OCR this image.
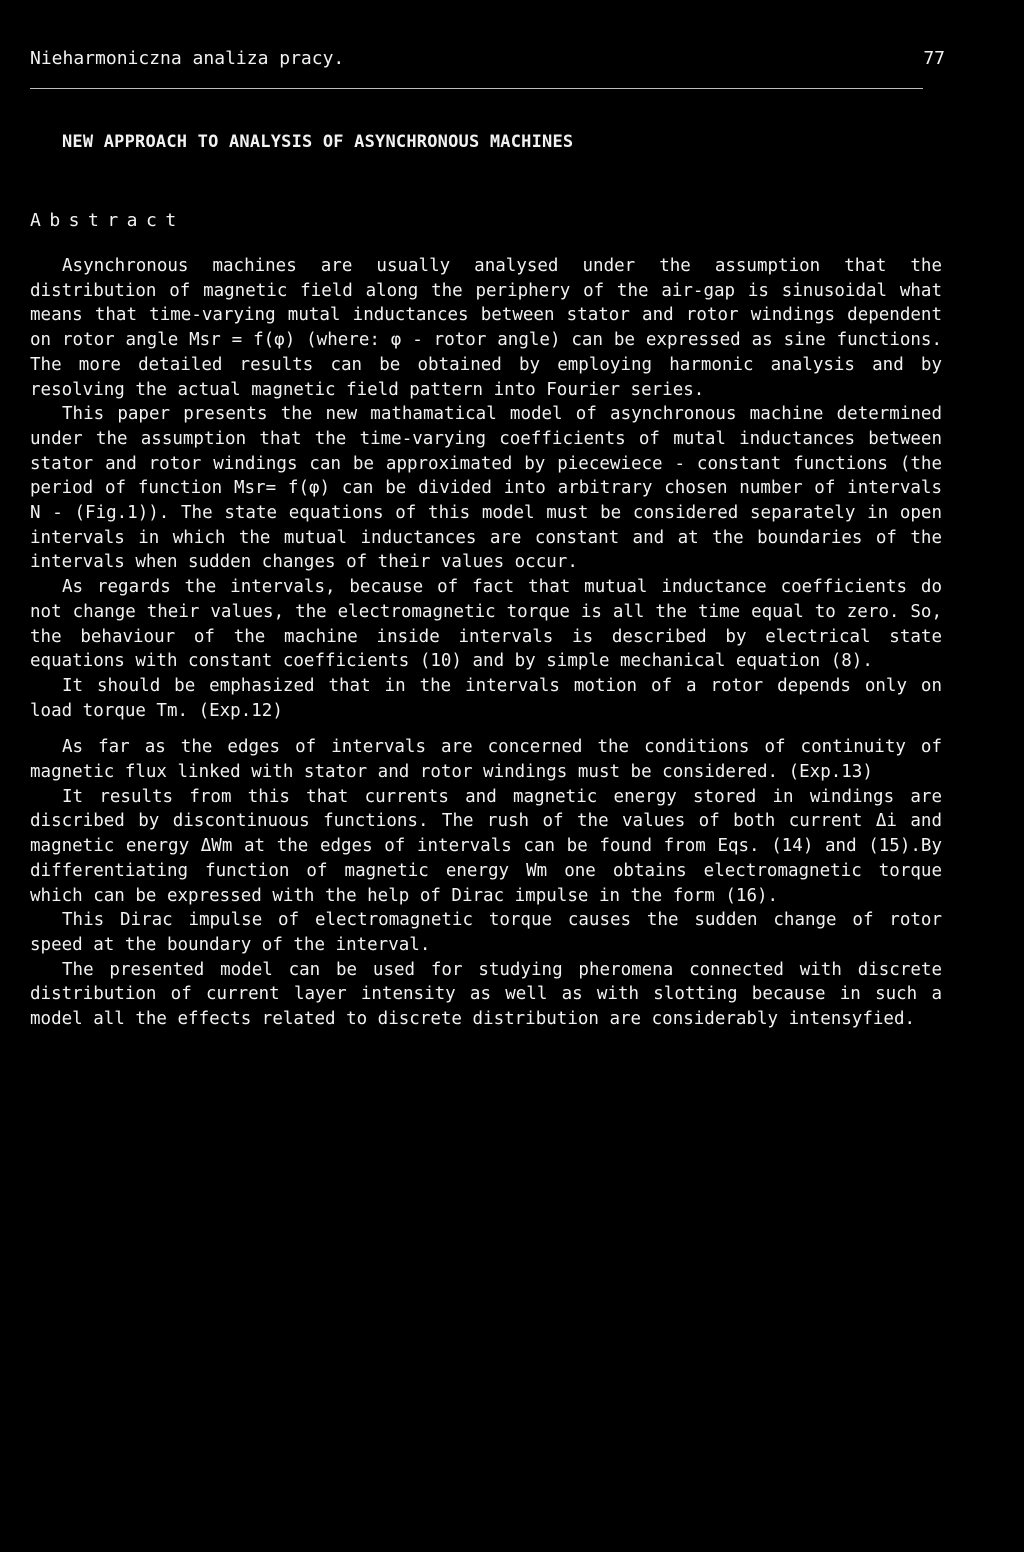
Nieharmoniczna analiza pracy.	77
NEW APPROACH TO ANALYSIS OF ASYNCHRONOUS MACHINES
Abstract

Asynchronous machines are usually analysed under the assumption that the distribution of magnetic field along the periphery of the air-gap is sinusoidal what means that time-varying mutal inductances between stator and rotor windings dependent on rotor angle Msr = f(φ) (where: φ - rotor angle) can be expressed as sine functions. The more detailed results can be obtained by employing harmonic analysis and by resolving the actual magnetic field pattern into Fourier series.

This paper presents the new mathamatical model of asynchronous machine determined under the assumption that the time-varying coefficients of mutal inductances between stator and rotor windings can be approximated by piecewiece - constant functions (the period of function Msr= f(φ) can be divided into arbitrary chosen number of intervals N - (Fig.1)). The state equations of this model must be considered separately in open intervals in which the mutual inductances are constant and at the boundaries of the intervals when sudden changes of their values occur.

As regards the intervals, because of fact that mutual inductance coefficients do not change their values, the electromagnetic torque is all the time equal to zero. So, the behaviour of the machine inside intervals is described by electrical state equations with constant coefficients (10) and by simple mechanical equation (8).

It should be emphasized that in the intervals motion of a rotor depends only on load torque Tm. (Exp.12)

As far as the edges of intervals are concerned the conditions of continuity of magnetic flux linked with stator and rotor windings must be considered. (Exp.13)

It results from this that currents and magnetic energy stored in windings are discribed by discontinuous functions. The rush of the values of both current Δi and magnetic energy ΔWm at the edges of intervals can be found from Eqs. (14) and (15).By differentiating function of magnetic energy Wm one obtains electromagnetic torque which can be expressed with the help of Dirac impulse in the form (16).

This Dirac impulse of electromagnetic torque causes the sudden change of rotor speed at the boundary of the interval.

The presented model can be used for studying pheromena connected with discrete distribution of current layer intensity as well as with slotting because in such a model all the effects related to discrete distribution are considerably intensyfied.
